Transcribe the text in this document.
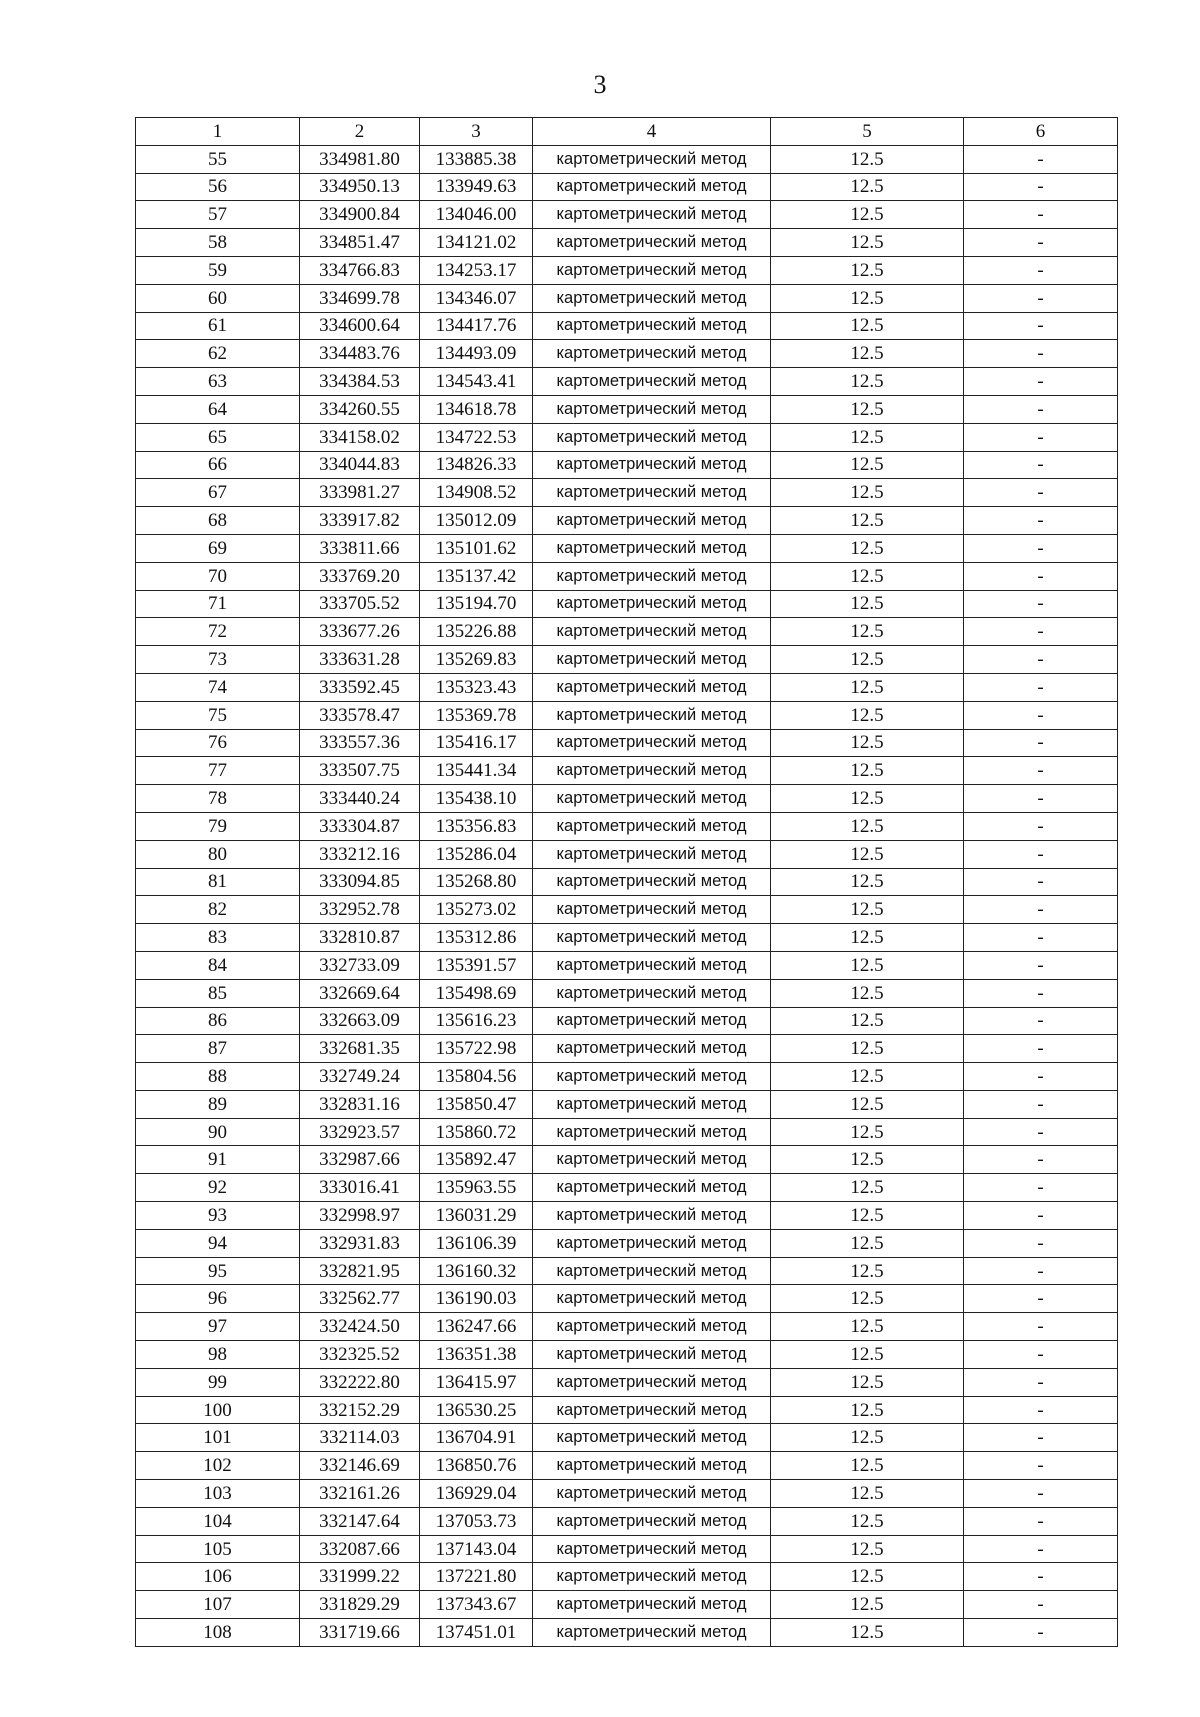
3
1	2	3	4	5	6
55	334981.80	133885.38	картометрический метод	12.5	-
56	334950.13	133949.63	картометрический метод	12.5	-
57	334900.84	134046.00	картометрический метод	12.5	-
58	334851.47	134121.02	картометрический метод	12.5	-
59	334766.83	134253.17	картометрический метод	12.5	-
60	334699.78	134346.07	картометрический метод	12.5	-
61	334600.64	134417.76	картометрический метод	12.5	-
62	334483.76	134493.09	картометрический метод	12.5	-
63	334384.53	134543.41	картометрический метод	12.5	-
64	334260.55	134618.78	картометрический метод	12.5	-
65	334158.02	134722.53	картометрический метод	12.5	-
66	334044.83	134826.33	картометрический метод	12.5	-
67	333981.27	134908.52	картометрический метод	12.5	-
68	333917.82	135012.09	картометрический метод	12.5	-
69	333811.66	135101.62	картометрический метод	12.5	-
70	333769.20	135137.42	картометрический метод	12.5	-
71	333705.52	135194.70	картометрический метод	12.5	-
72	333677.26	135226.88	картометрический метод	12.5	-
73	333631.28	135269.83	картометрический метод	12.5	-
74	333592.45	135323.43	картометрический метод	12.5	-
75	333578.47	135369.78	картометрический метод	12.5	-
76	333557.36	135416.17	картометрический метод	12.5	-
77	333507.75	135441.34	картометрический метод	12.5	-
78	333440.24	135438.10	картометрический метод	12.5	-
79	333304.87	135356.83	картометрический метод	12.5	-
80	333212.16	135286.04	картометрический метод	12.5	-
81	333094.85	135268.80	картометрический метод	12.5	-
82	332952.78	135273.02	картометрический метод	12.5	-
83	332810.87	135312.86	картометрический метод	12.5	-
84	332733.09	135391.57	картометрический метод	12.5	-
85	332669.64	135498.69	картометрический метод	12.5	-
86	332663.09	135616.23	картометрический метод	12.5	-
87	332681.35	135722.98	картометрический метод	12.5	-
88	332749.24	135804.56	картометрический метод	12.5	-
89	332831.16	135850.47	картометрический метод	12.5	-
90	332923.57	135860.72	картометрический метод	12.5	-
91	332987.66	135892.47	картометрический метод	12.5	-
92	333016.41	135963.55	картометрический метод	12.5	-
93	332998.97	136031.29	картометрический метод	12.5	-
94	332931.83	136106.39	картометрический метод	12.5	-
95	332821.95	136160.32	картометрический метод	12.5	-
96	332562.77	136190.03	картометрический метод	12.5	-
97	332424.50	136247.66	картометрический метод	12.5	-
98	332325.52	136351.38	картометрический метод	12.5	-
99	332222.80	136415.97	картометрический метод	12.5	-
100	332152.29	136530.25	картометрический метод	12.5	-
101	332114.03	136704.91	картометрический метод	12.5	-
102	332146.69	136850.76	картометрический метод	12.5	-
103	332161.26	136929.04	картометрический метод	12.5	-
104	332147.64	137053.73	картометрический метод	12.5	-
105	332087.66	137143.04	картометрический метод	12.5	-
106	331999.22	137221.80	картометрический метод	12.5	-
107	331829.29	137343.67	картометрический метод	12.5	-
108	331719.66	137451.01	картометрический метод	12.5	-
